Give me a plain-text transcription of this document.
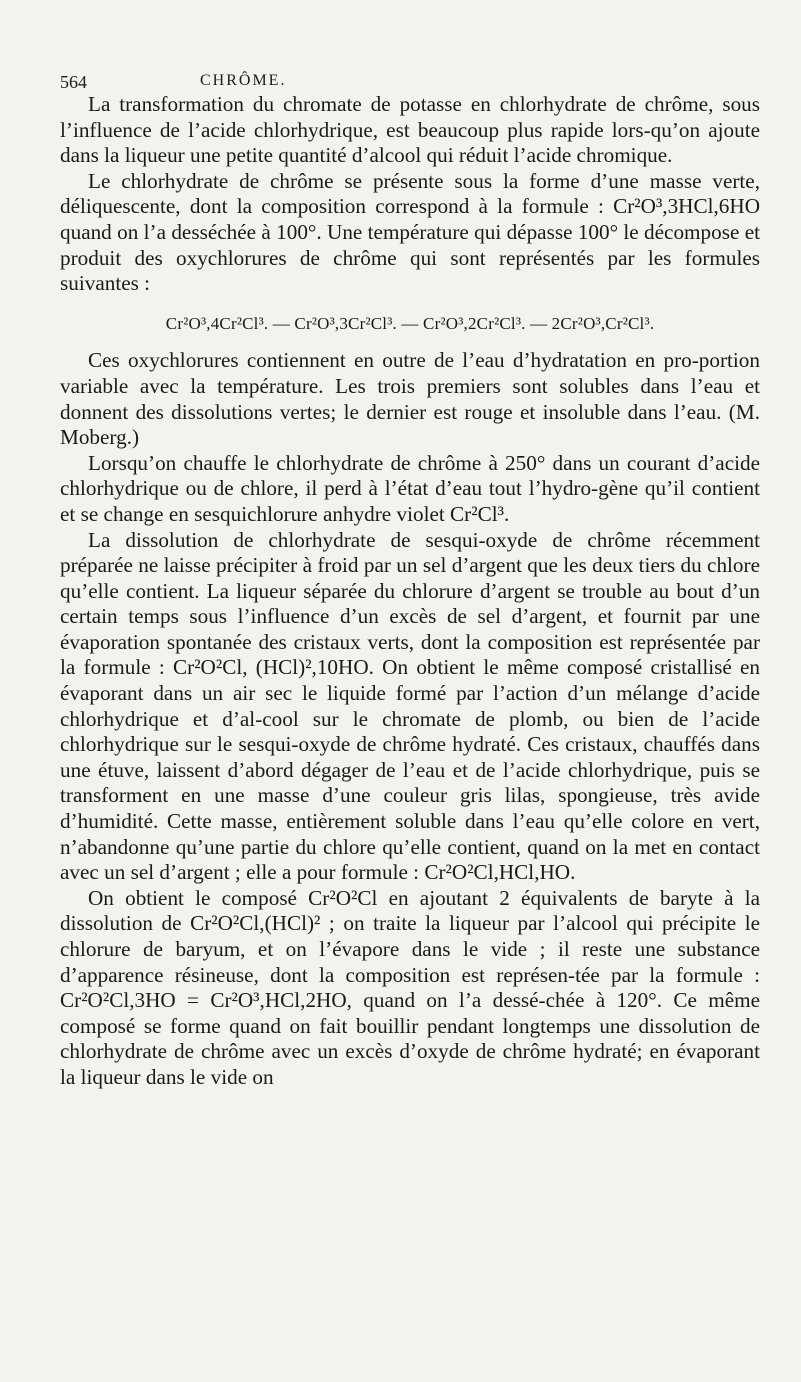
564	CHRÔME.

La transformation du chromate de potasse en chlorhydrate de chrôme, sous l’influence de l’acide chlorhydrique, est beaucoup plus rapide lors-qu’on ajoute dans la liqueur une petite quantité d’alcool qui réduit l’acide chromique.

Le chlorhydrate de chrôme se présente sous la forme d’une masse verte, déliquescente, dont la composition correspond à la formule : Cr²O³,3HCl,6HO quand on l’a desséchée à 100°. Une température qui dépasse 100° le décompose et produit des oxychlorures de chrôme qui sont représentés par les formules suivantes :

Cr²O³,4Cr²Cl³. — Cr²O³,3Cr²Cl³. — Cr²O³,2Cr²Cl³. — 2Cr²O³,Cr²Cl³.

Ces oxychlorures contiennent en outre de l’eau d’hydratation en pro-portion variable avec la température. Les trois premiers sont solubles dans l’eau et donnent des dissolutions vertes; le dernier est rouge et insoluble dans l’eau. (M. Moberg.)

Lorsqu’on chauffe le chlorhydrate de chrôme à 250° dans un courant d’acide chlorhydrique ou de chlore, il perd à l’état d’eau tout l’hydro-gène qu’il contient et se change en sesquichlorure anhydre violet Cr²Cl³.

La dissolution de chlorhydrate de sesqui-oxyde de chrôme récemment préparée ne laisse précipiter à froid par un sel d’argent que les deux tiers du chlore qu’elle contient. La liqueur séparée du chlorure d’argent se trouble au bout d’un certain temps sous l’influence d’un excès de sel d’argent, et fournit par une évaporation spontanée des cristaux verts, dont la composition est représentée par la formule : Cr²O²Cl, (HCl)²,10HO. On obtient le même composé cristallisé en évaporant dans un air sec le liquide formé par l’action d’un mélange d’acide chlorhydrique et d’al-cool sur le chromate de plomb, ou bien de l’acide chlorhydrique sur le sesqui-oxyde de chrôme hydraté. Ces cristaux, chauffés dans une étuve, laissent d’abord dégager de l’eau et de l’acide chlorhydrique, puis se transforment en une masse d’une couleur gris lilas, spongieuse, très avide d’humidité. Cette masse, entièrement soluble dans l’eau qu’elle colore en vert, n’abandonne qu’une partie du chlore qu’elle contient, quand on la met en contact avec un sel d’argent ; elle a pour formule : Cr²O²Cl,HCl,HO.

On obtient le composé Cr²O²Cl en ajoutant 2 équivalents de baryte à la dissolution de Cr²O²Cl,(HCl)² ; on traite la liqueur par l’alcool qui précipite le chlorure de baryum, et on l’évapore dans le vide ; il reste une substance d’apparence résineuse, dont la composition est représen-tée par la formule : Cr²O²Cl,3HO = Cr²O³,HCl,2HO, quand on l’a dessé-chée à 120°. Ce même composé se forme quand on fait bouillir pendant longtemps une dissolution de chlorhydrate de chrôme avec un excès d’oxyde de chrôme hydraté; en évaporant la liqueur dans le vide on
